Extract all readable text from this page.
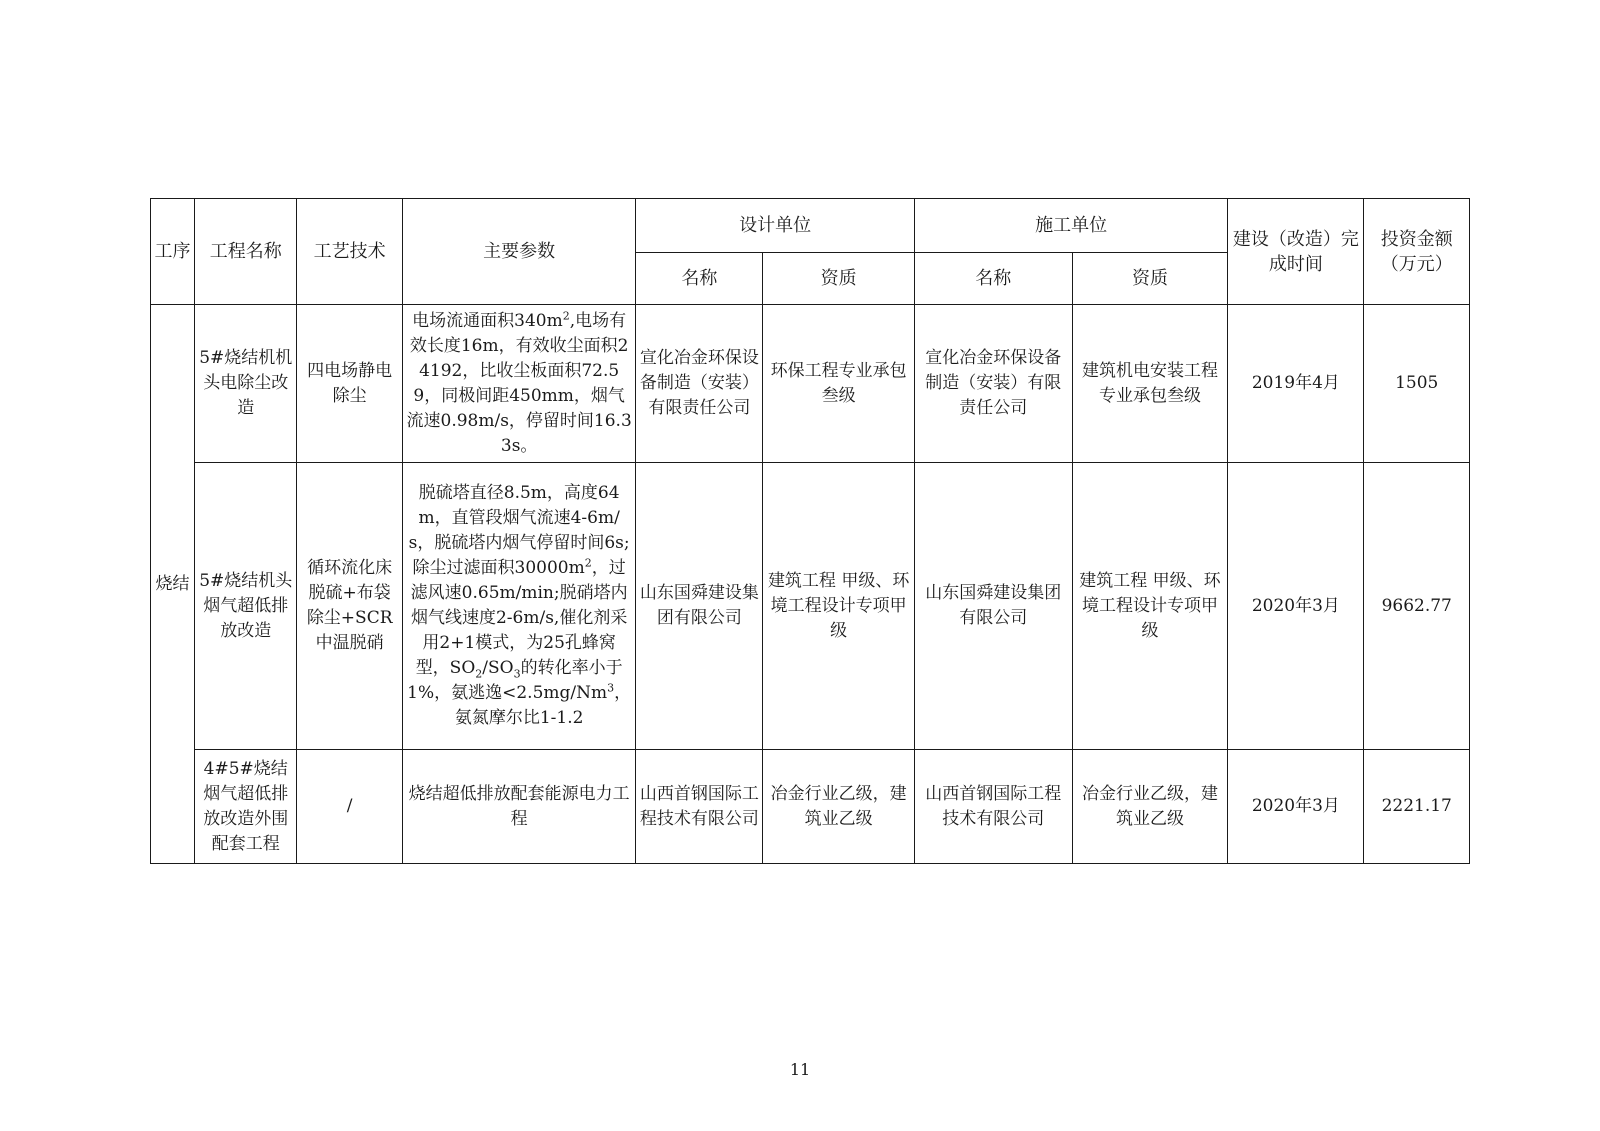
工序	工程名称	工艺技术	主要参数	设计单位		施工单位		建设（改造）完成时间	投资金额（万元）
				名称	资质	名称	资质		
烧结	5#烧结机机头电除尘改造	四电场静电除尘	电场流通面积$340m^2$,电场有效长度16m，有效收尘面积24192，比收尘板面积72.59，同极间距450mm，烟气流速0.98m/s，停留时间16.33s。	宣化冶金环保设备制造（安装）有限责任公司	环保工程专业承包叁级	宣化冶金环保设备制造（安装）有限责任公司	建筑机电安装工程专业承包叁级	2019年4月	1505
	5#烧结机头烟气超低排放改造	循环流化床脱硫+布袋除尘+SCR中温脱硝	脱硫塔直径8.5m，高度64m，直管段烟气流速4-6m/s，脱硫塔内烟气停留时间6s;除尘过滤面积$30000m^2$，过滤风速0.65m/min;脱硝塔内烟气线速度2-6m/s,催化剂采用2+1模式，为25孔蜂窝型，$SO_2/SO_3$的转化率小于1%，氨逃逸$<2.5mg/Nm^3$，氨氮摩尔比1-1.2	山东国舜建设集团有限公司	建筑工程 甲级、环境工程设计专项甲级	山东国舜建设集团有限公司	建筑工程 甲级、环境工程设计专项甲级	2020年3月	9662.77
	4#5#烧结烟气超低排放改造外围配套工程	/	烧结超低排放配套能源电力工程	山西首钢国际工程技术有限公司	冶金行业乙级，建筑业乙级	山西首钢国际工程技术有限公司	冶金行业乙级，建筑业乙级	2020年3月	2221.17
11
